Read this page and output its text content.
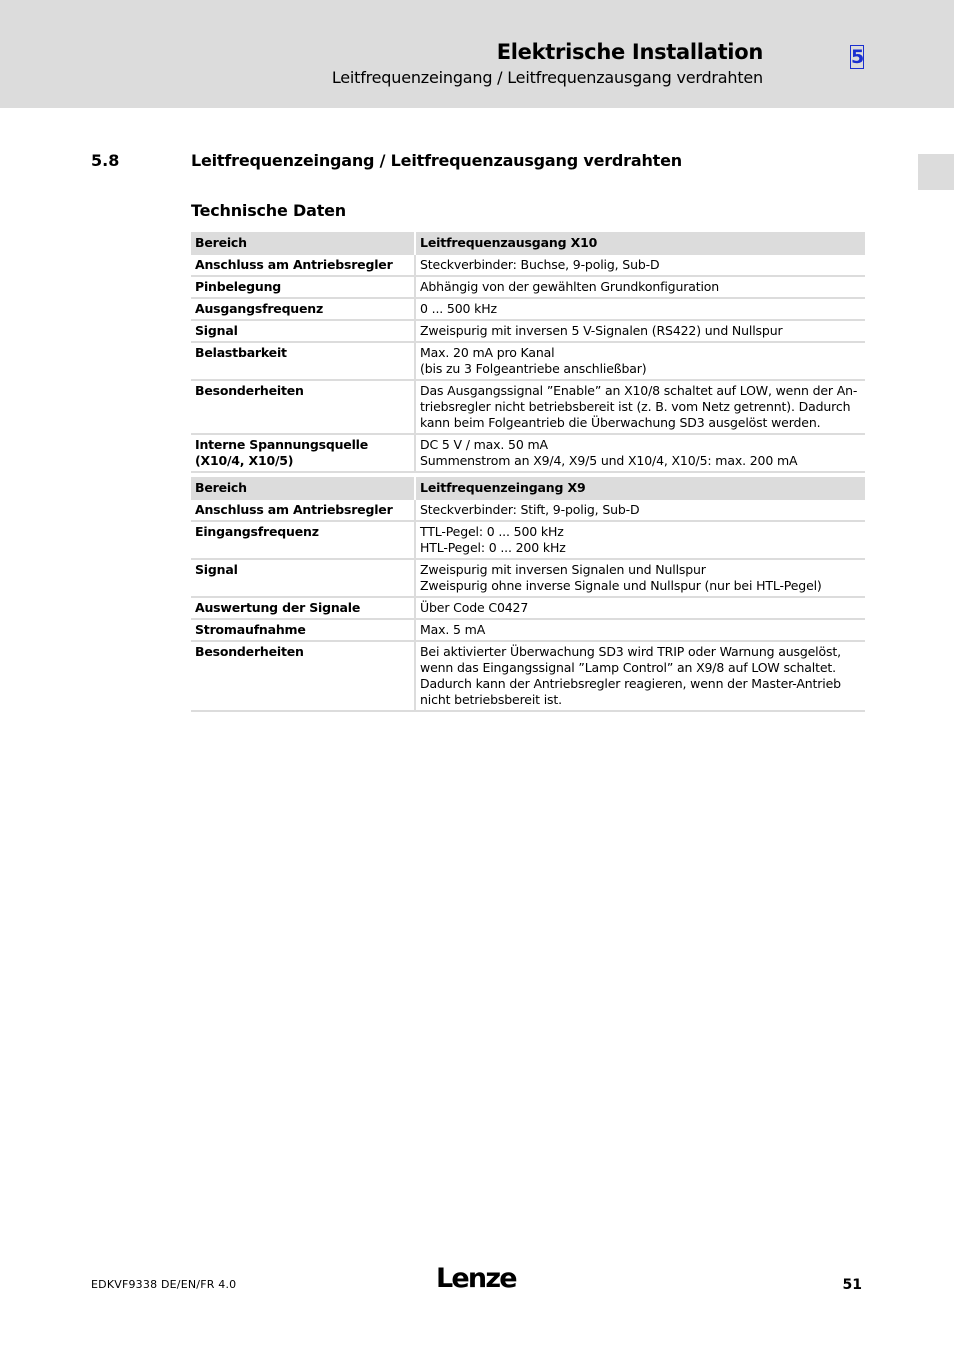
Elektrische Installation
Leitfrequenzeingang / Leitfrequenzausgang verdrahten
5
5.8	Leitfrequenzeingang / Leitfrequenzausgang verdrahten
Technische Daten
Bereich	Leitfrequenzausgang X10
Anschluss am Antriebsregler	Steckverbinder: Buchse, 9-polig, Sub-D
Pinbelegung	Abhängig von der gewählten Grundkonfiguration
Ausgangsfrequenz	0 ... 500 kHz
Signal	Zweispurig mit inversen 5 V-Signalen (RS422) und Nullspur
Belastbarkeit	Max. 20 mA pro Kanal
(bis zu 3 Folgeantriebe anschließbar)
Besonderheiten	Das Ausgangssignal ”Enable” an X10/8 schaltet auf LOW, wenn der An-
triebsregler nicht betriebsbereit ist (z. B. vom Netz getrennt). Dadurch
kann beim Folgeantrieb die Überwachung SD3 ausgelöst werden.
Interne Spannungsquelle
(X10/4, X10/5)	DC 5 V / max. 50 mA
Summenstrom an X9/4, X9/5 und X10/4, X10/5: max. 200 mA
Bereich	Leitfrequenzeingang X9
Anschluss am Antriebsregler	Steckverbinder: Stift, 9-polig, Sub-D
Eingangsfrequenz	TTL-Pegel: 0 ... 500 kHz
HTL-Pegel: 0 ... 200 kHz
Signal	Zweispurig mit inversen Signalen und Nullspur
Zweispurig ohne inverse Signale und Nullspur (nur bei HTL-Pegel)
Auswertung der Signale	Über Code C0427
Stromaufnahme	Max. 5 mA
Besonderheiten	Bei aktivierter Überwachung SD3 wird TRIP oder Warnung ausgelöst,
wenn das Eingangssignal ”Lamp Control” an X9/8 auf LOW schaltet.
Dadurch kann der Antriebsregler reagieren, wenn der Master-Antrieb
nicht betriebsbereit ist.
EDKVF9338 DE/EN/FR 4.0	Lenze	51
